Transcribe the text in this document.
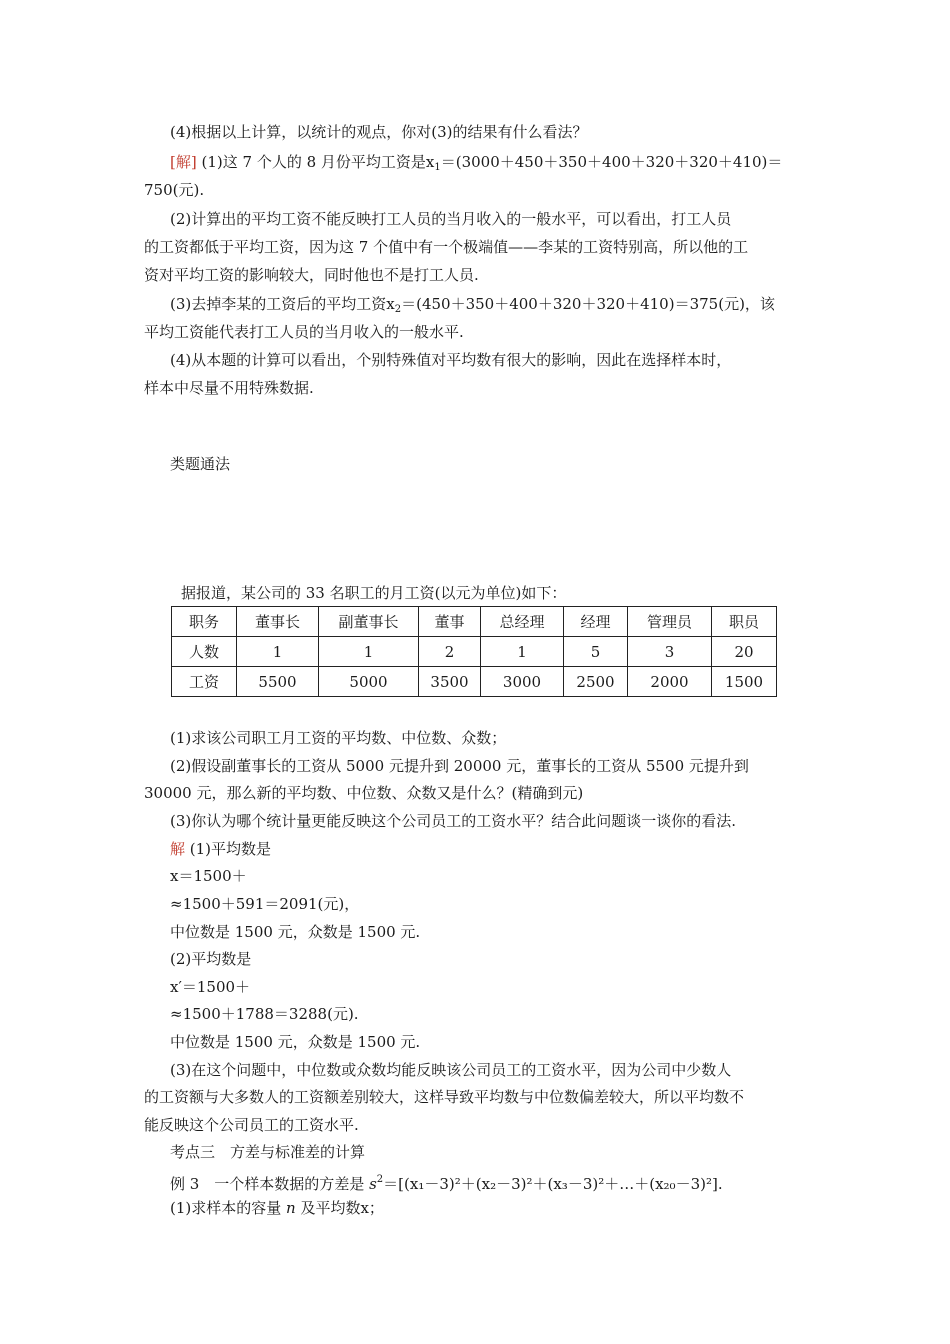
(4)根据以上计算，以统计的观点，你对(3)的结果有什么看法？
[解] (1)这 7 个人的 8 月份平均工资是$x_1=(3000+450+350+400+320+320+410)=$
750(元).
(2)计算出的平均工资不能反映打工人员的当月收入的一般水平，可以看出，打工人员
的工资都低于平均工资，因为这 7 个值中有一个极端值——李某的工资特别高，所以他的工
资对平均工资的影响较大，同时他也不是打工人员.
(3)去掉李某的工资后的平均工资$x_2=(450+350+400+320+320+410)=375$(元)，该
平均工资能代表打工人员的当月收入的一般水平.
(4)从本题的计算可以看出，个别特殊值对平均数有很大的影响，因此在选择样本时，
样本中尽量不用特殊数据.
类题通法
据报道，某公司的 33 名职工的月工资(以元为单位)如下：
职务	董事长	副董事长	董事	总经理	经理	管理员	职员
人数	1	1	2	1	5	3	20
工资	5500	5000	3500	3000	2500	2000	1500
(1)求该公司职工月工资的平均数、中位数、众数；
(2)假设副董事长的工资从 5000 元提升到 20000 元，董事长的工资从 5500 元提升到
30000 元，那么新的平均数、中位数、众数又是什么？(精确到元)
(3)你认为哪个统计量更能反映这个公司员工的工资水平？结合此问题谈一谈你的看法.
解 (1)平均数是
x＝1500＋
≈1500＋591＝2091(元)，
中位数是 1500 元，众数是 1500 元.
(2)平均数是
x′＝1500＋
≈1500＋1788＝3288(元).
中位数是 1500 元，众数是 1500 元.
(3)在这个问题中，中位数或众数均能反映该公司员工的工资水平，因为公司中少数人
的工资额与大多数人的工资额差别较大，这样导致平均数与中位数偏差较大，所以平均数不
能反映这个公司员工的工资水平.
考点三　方差与标准差的计算
例 3　一个样本数据的方差是 $s^2=[(x_1-3)^2+(x_2-3)^2+(x_3-3)^2+\dots+(x_{20}-3)^2]$.
(1)求样本的容量 n 及平均数x；
